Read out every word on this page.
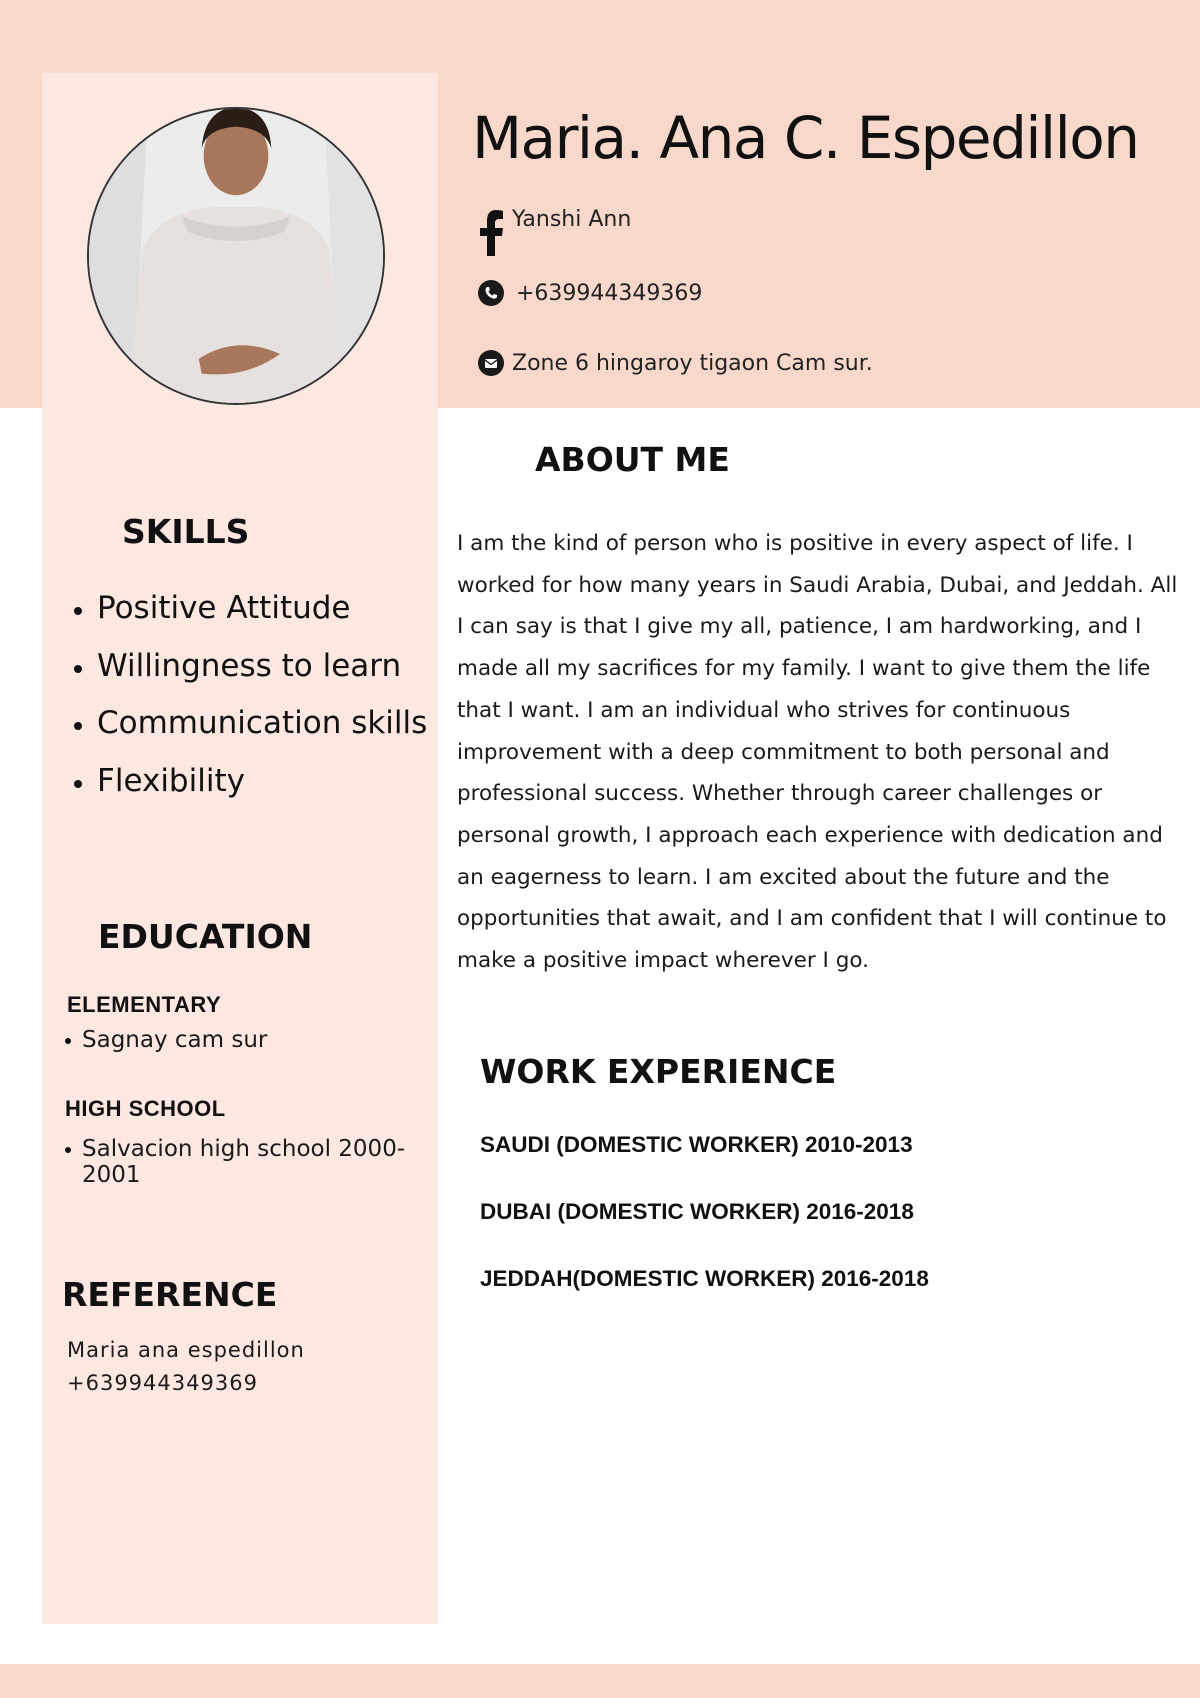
Maria. Ana C. Espedillon
Yanshi Ann
+639944349369
Zone 6 hingaroy tigaon Cam sur.
ABOUT ME

I am the kind of person who is positive in every aspect of life. I worked for how many years in Saudi Arabia, Dubai, and Jeddah. All I can say is that I give my all, patience, I am hardworking, and I made all my sacrifices for my family. I want to give them the life that I want. I am an individual who strives for continuous improvement with a deep commitment to both personal and professional success. Whether through career challenges or personal growth, I approach each experience with dedication and an eagerness to learn. I am excited about the future and the opportunities that await, and I am confident that I will continue to make a positive impact wherever I go.

SKILLS
Positive Attitude
Willingness to learn
Communication skills
Flexibility
EDUCATION

ELEMENTARY

Sagnay cam sur

HIGH SCHOOL

Salvacion high school 2000-2001

REFERENCE

Maria ana espedillon

+639944349369

WORK EXPERIENCE

SAUDI (DOMESTIC WORKER) 2010-2013

DUBAI (DOMESTIC WORKER) 2016-2018

JEDDAH(DOMESTIC WORKER) 2016-2018
